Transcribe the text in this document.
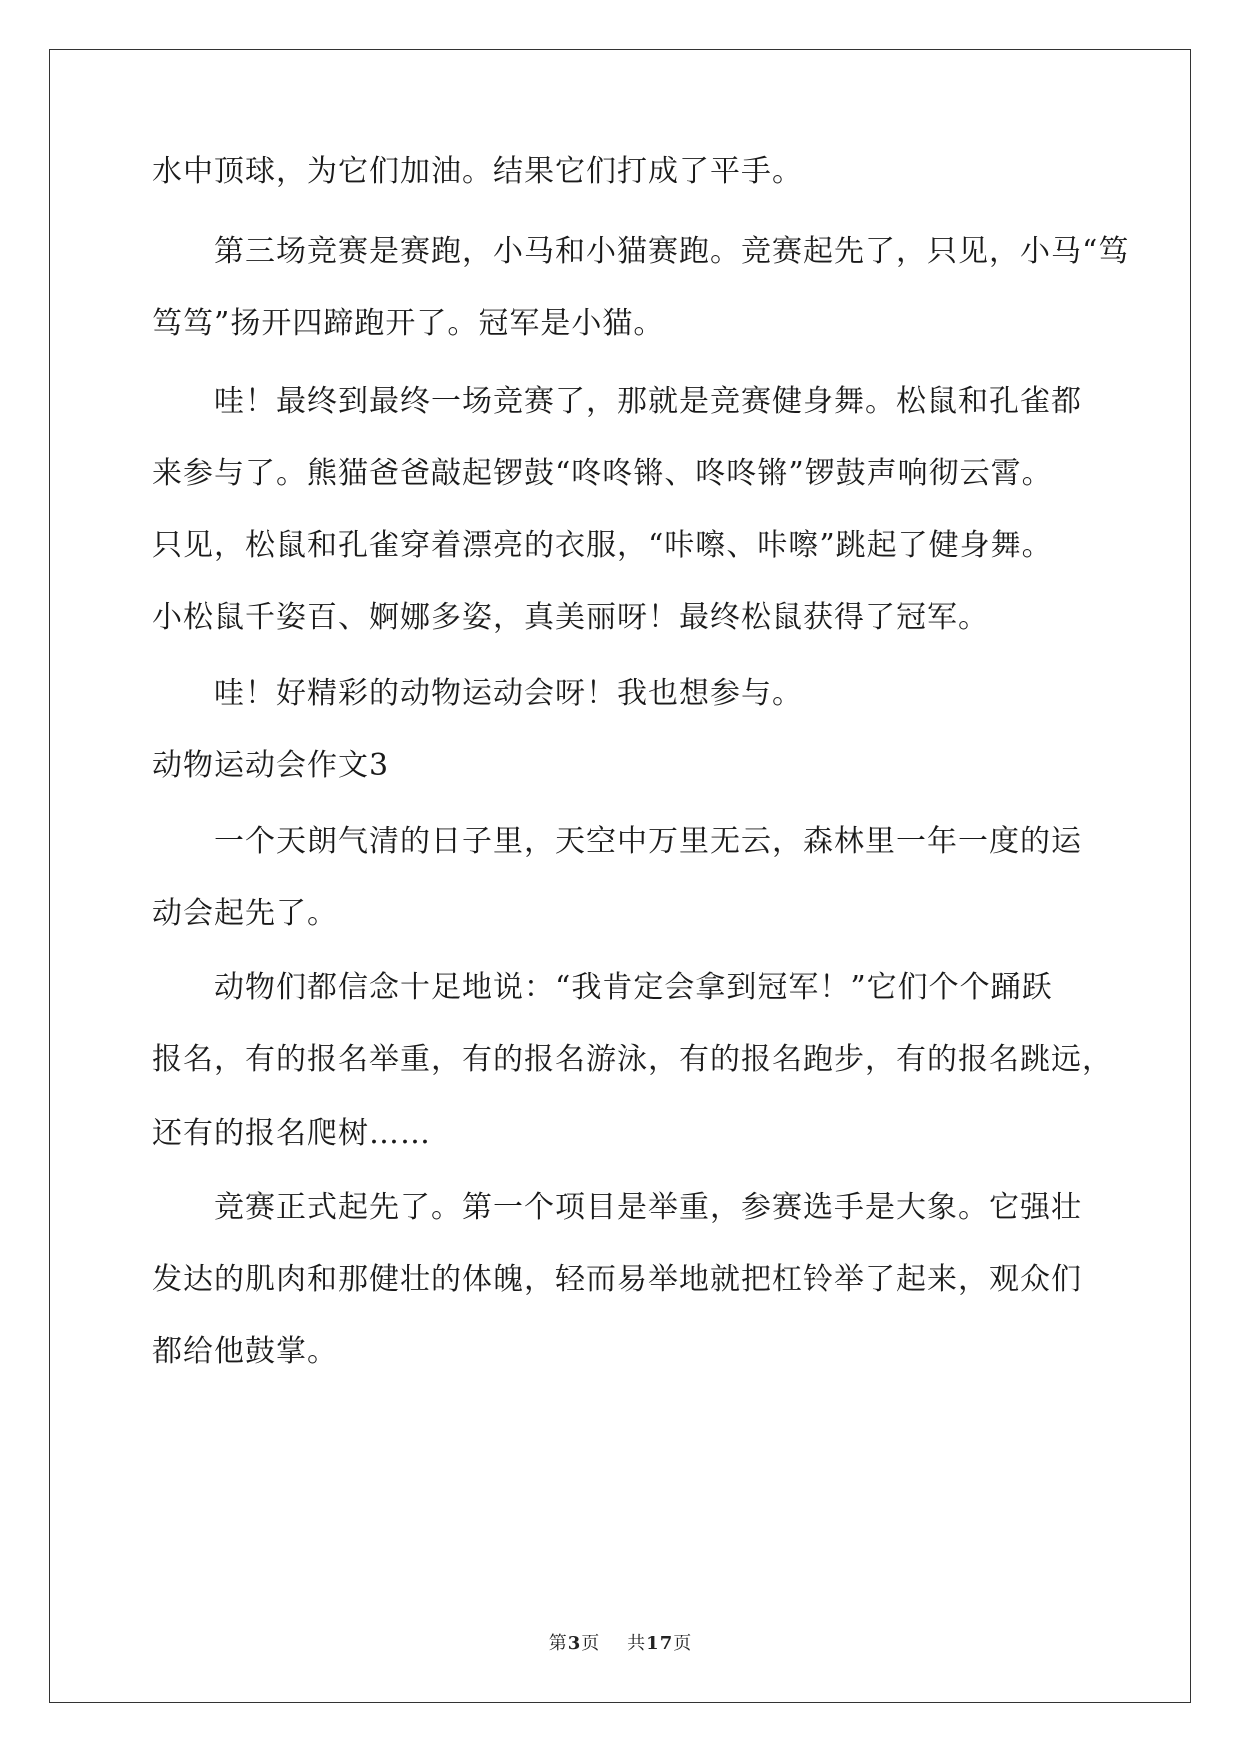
水中顶球，为它们加油。结果它们打成了平手。
第三场竞赛是赛跑，小马和小猫赛跑。竞赛起先了，只见，小马“笃
笃笃”扬开四蹄跑开了。冠军是小猫。
哇！最终到最终一场竞赛了，那就是竞赛健身舞。松鼠和孔雀都
来参与了。熊猫爸爸敲起锣鼓“咚咚锵、咚咚锵”锣鼓声响彻云霄。
只见，松鼠和孔雀穿着漂亮的衣服，“咔嚓、咔嚓”跳起了健身舞。
小松鼠千姿百、婀娜多姿，真美丽呀！最终松鼠获得了冠军。
哇！好精彩的动物运动会呀！我也想参与。
动物运动会作文3
一个天朗气清的日子里，天空中万里无云，森林里一年一度的运
动会起先了。
动物们都信念十足地说：“我肯定会拿到冠军！”它们个个踊跃
报名，有的报名举重，有的报名游泳，有的报名跑步，有的报名跳远，
还有的报名爬树……
竞赛正式起先了。第一个项目是举重，参赛选手是大象。它强壮
发达的肌肉和那健壮的体魄，轻而易举地就把杠铃举了起来，观众们
都给他鼓掌。
第3页 共17页
